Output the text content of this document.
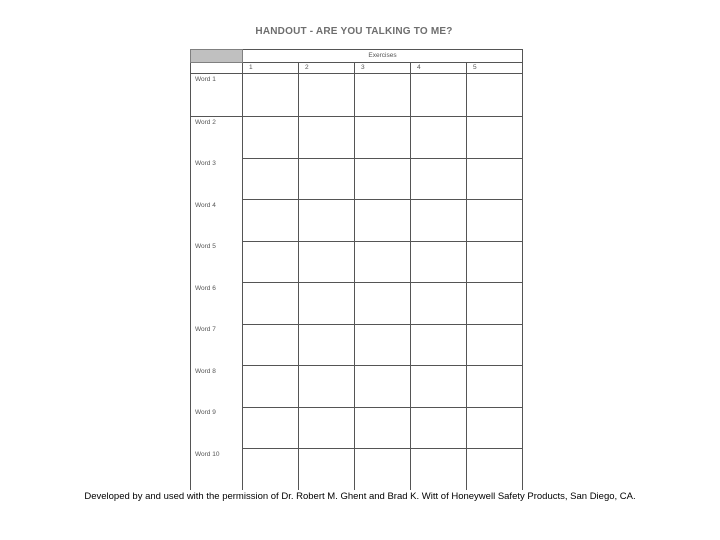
HANDOUT - ARE YOU TALKING TO ME?
	Exercises				
	1	2	3	4	5
Word 1					
Word 2					
Word 3					
Word 4					
Word 5					
Word 6					
Word 7					
Word 8					
Word 9					
Word 10					
Developed by and used with the permission of Dr. Robert M. Ghent and Brad K. Witt of Honeywell Safety Products, San Diego, CA.
